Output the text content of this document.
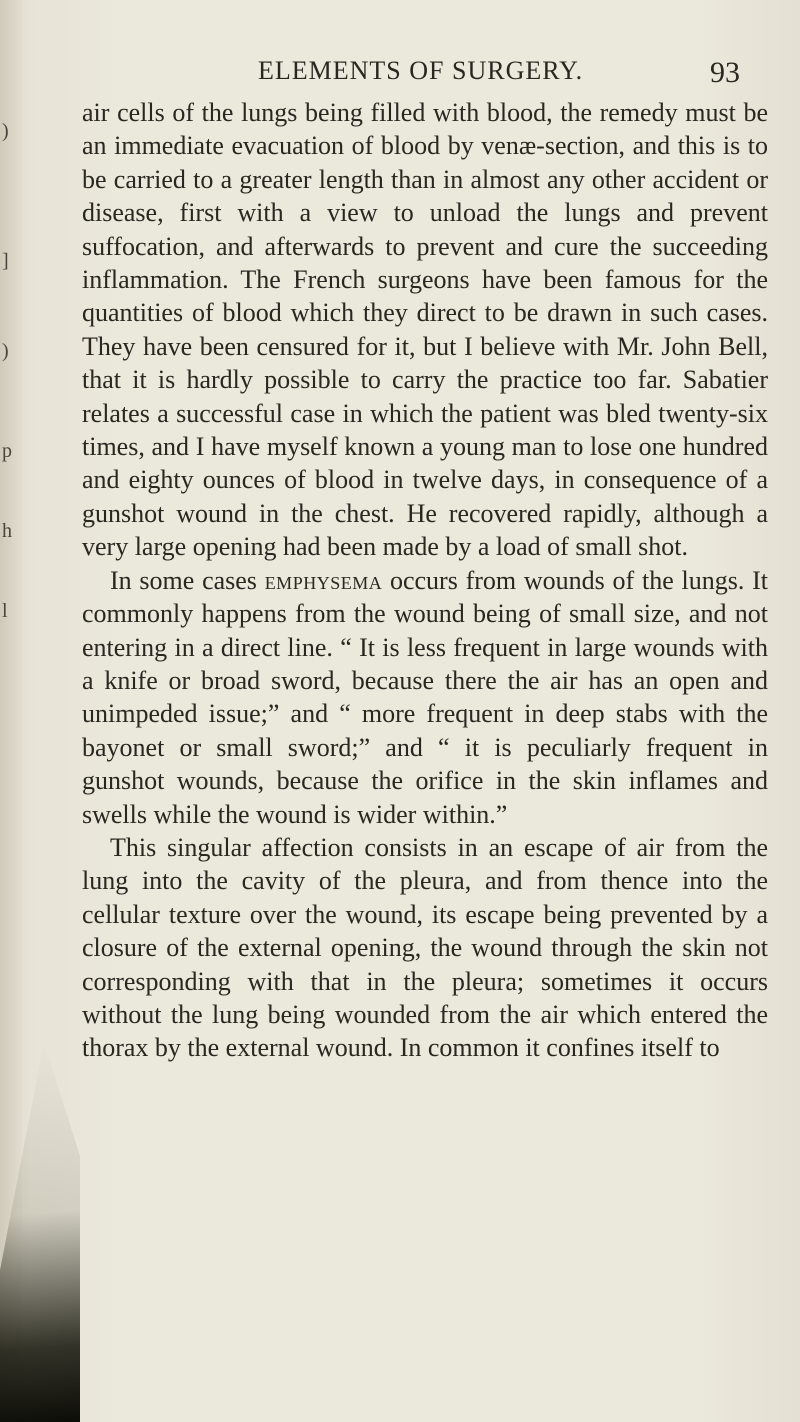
)
]
)
p
h
l
ELEMENTS OF SURGERY.	93

air cells of the lungs being filled with blood, the remedy must be an immediate evacuation of blood by venæ-section, and this is to be carried to a greater length than in almost any other accident or disease, first with a view to unload the lungs and prevent suffocation, and afterwards to prevent and cure the succeeding inflammation. The French surgeons have been famous for the quantities of blood which they direct to be drawn in such cases. They have been censured for it, but I believe with Mr. John Bell, that it is hardly possible to carry the practice too far. Sabatier relates a successful case in which the patient was bled twenty-six times, and I have myself known a young man to lose one hundred and eighty ounces of blood in twelve days, in consequence of a gunshot wound in the chest. He recovered rapidly, although a very large opening had been made by a load of small shot.

In some cases emphysema occurs from wounds of the lungs. It commonly happens from the wound being of small size, and not entering in a direct line. “ It is less frequent in large wounds with a knife or broad sword, because there the air has an open and unimpeded issue;” and “ more frequent in deep stabs with the bayonet or small sword;” and “ it is peculiarly frequent in gunshot wounds, because the orifice in the skin inflames and swells while the wound is wider within.”

This singular affection consists in an escape of air from the lung into the cavity of the pleura, and from thence into the cellular texture over the wound, its escape being prevented by a closure of the external opening, the wound through the skin not corresponding with that in the pleura; sometimes it occurs without the lung being wounded from the air which entered the thorax by the external wound. In common it confines itself to
